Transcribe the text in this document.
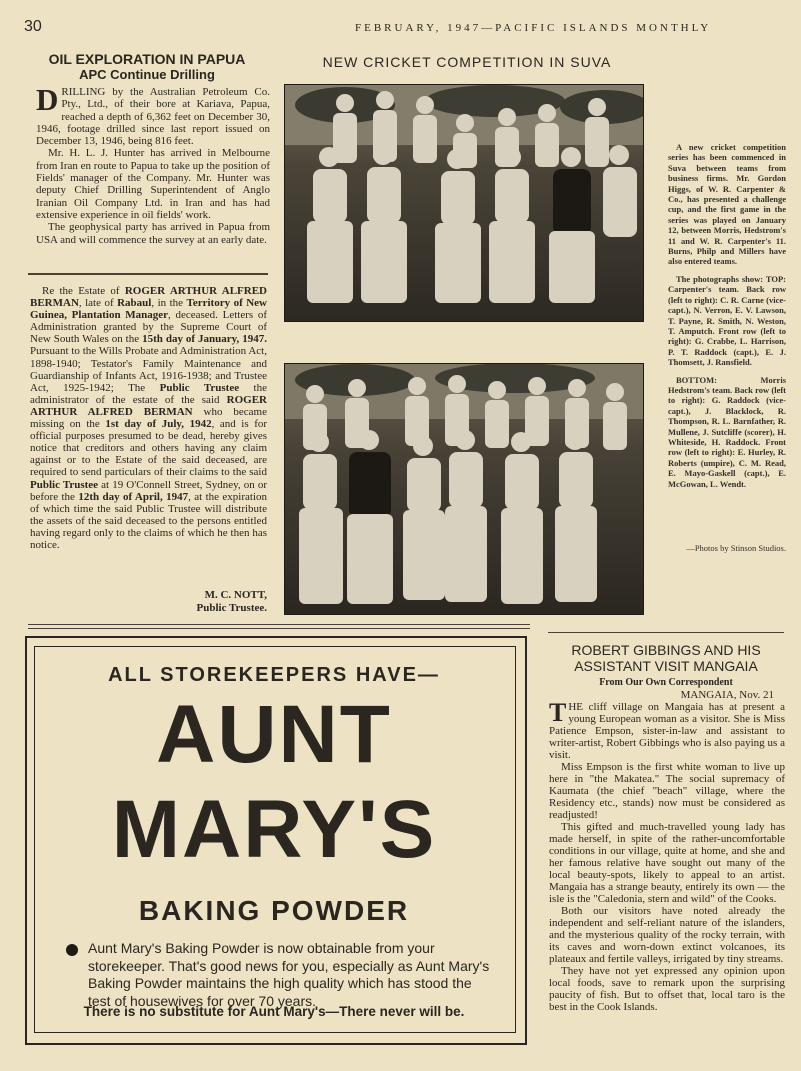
30	FEBRUARY, 1947—PACIFIC ISLANDS MONTHLY
OIL EXPLORATION IN PAPUA
APC Continue Drilling

DRILLING by the Australian Petroleum Co. Pty., Ltd., of their bore at Kariava, Papua, reached a depth of 6,362 feet on December 30, 1946, footage drilled since last report issued on December 13, 1946, being 816 feet.

Mr. H. L. J. Hunter has arrived in Melbourne from Iran en route to Papua to take up the position of Fields' manager of the Company. Mr. Hunter was deputy Chief Drilling Superintendent of Anglo Iranian Oil Company Ltd. in Iran and has had extensive experience in oil fields' work.

The geophysical party has arrived in Papua from USA and will commence the survey at an early date.

Re the Estate of ROGER ARTHUR ALFRED BERMAN, late of Rabaul, in the Territory of New Guinea, Plantation Manager, deceased. Letters of Administration granted by the Supreme Court of New South Wales on the 15th day of January, 1947. Pursuant to the Wills Probate and Administration Act, 1898-1940; Testator's Family Maintenance and Guardianship of Infants Act, 1916-1938; and Trustee Act, 1925-1942; The Public Trustee the administrator of the estate of the said ROGER ARTHUR ALFRED BERMAN who became missing on the 1st day of July, 1942, and is for official purposes presumed to be dead, hereby gives notice that creditors and others having any claim against or to the Estate of the said deceased, are required to send particulars of their claims to the said Public Trustee at 19 O'Connell Street, Sydney, on or before the 12th day of April, 1947, at the expiration of which time the said Public Trustee will distribute the assets of the said deceased to the persons entitled having regard only to the claims of which he then has notice.

M. C. NOTT,
Public Trustee.
NEW CRICKET COMPETITION IN SUVA

A new cricket competition series has been commenced in Suva between teams from business firms. Mr. Gordon Higgs, of W. R. Carpenter & Co., has presented a challenge cup, and the first game in the series was played on January 12, between Morris, Hedstrom's 11 and W. R. Carpenter's 11. Burns, Philp and Millers have also entered teams.

The photographs show: TOP: Carpenter's team. Back row (left to right): C. R. Carne (vice-capt.), N. Verron, E. V. Lawson, T. Payne, R. Smith, N. Weston, T. Amputch. Front row (left to right): G. Crabbe, L. Harrison, P. T. Raddock (capt.), E. J. Thomsett, J. Ransfield.

BOTTOM: Morris Hedstrom's team. Back row (left to right): G. Raddock (vice-capt.), J. Blacklock, R. Thompson, R. L. Barnfather, R. Mullene, J. Sutcliffe (scorer), H. Whiteside, H. Raddock. Front row (left to right): E. Hurley, R. Roberts (umpire), C. M. Read, E. Mayo-Gaskell (capt.), E. McGowan, L. Wendt.

—Photos by Stinson Studios.
ALL STOREKEEPERS HAVE—
AUNT
MARY'S
BAKING POWDER
Aunt Mary's Baking Powder is now obtainable from your storekeeper. That's good news for you, especially as Aunt Mary's Baking Powder maintains the high quality which has stood the test of housewives for over 70 years.
There is no substitute for Aunt Mary's—There never will be.
ROBERT GIBBINGS AND HIS
ASSISTANT VISIT MANGAIA
From Our Own Correspondent
MANGAIA, Nov. 21

THE cliff village on Mangaia has at present a young European woman as a visitor. She is Miss Patience Empson, sister-in-law and assistant to writer-artist, Robert Gibbings who is also paying us a visit.

Miss Empson is the first white woman to live up here in "the Makatea." The social supremacy of Kaumata (the chief "beach" village, where the Residency etc., stands) now must be considered as readjusted!

This gifted and much-travelled young lady has made herself, in spite of the rather-uncomfortable conditions in our village, quite at home, and she and her famous relative have sought out many of the local beauty-spots, likely to appeal to an artist. Mangaia has a strange beauty, entirely its own — the isle is the "Caledonia, stern and wild" of the Cooks.

Both our visitors have noted already the independent and self-reliant nature of the islanders, and the mysterious quality of the rocky terrain, with its caves and worn-down extinct volcanoes, its plateaux and fertile valleys, irrigated by tiny streams.

They have not yet expressed any opinion upon local foods, save to remark upon the surprising paucity of fish. But to offset that, local taro is the best in the Cook Islands.
